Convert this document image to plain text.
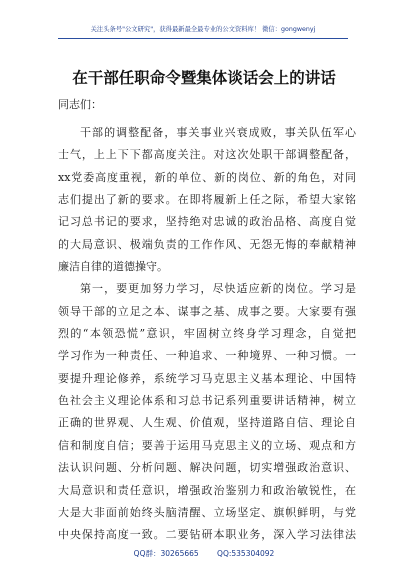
关注头条号"公文研究"，获得最新最全最专业的公文资料库！ 微信：gongwenyj
在干部任职命令暨集体谈话会上的讲话
同志们：
干部的调整配备，事关事业兴衰成败，事关队伍军心
士气，上上下下都高度关注。对这次处职干部调整配备，
xx党委高度重视，新的单位、新的岗位、新的角色，对同
志们提出了新的要求。在即将履新上任之际，希望大家铭
记习总书记的要求，坚持绝对忠诚的政治品格、高度自觉
的大局意识、极端负责的工作作风、无怨无悔的奉献精神
廉洁自律的道德操守。
第一，要更加努力学习，尽快适应新的岗位。学习是
领导干部的立足之本、谋事之基、成事之要。大家要有强
烈的“本领恐慌”意识，牢固树立终身学习理念，自觉把
学习作为一种责任、一种追求、一种境界、一种习惯。一
要提升理论修养，系统学习马克思主义基本理论、中国特
色社会主义理论体系和习总书记系列重要讲话精神，树立
正确的世界观、人生观、价值观，坚持道路自信、理论自
信和制度自信；要善于运用马克思主义的立场、观点和方
法认识问题、分析问题、解决问题，切实增强政治意识、
大局意识和责任意识，增强政治鉴别力和政治敏锐性，在
大是大非面前始终头脑清醒、立场坚定、旗帜鲜明，与党
中央保持高度一致。二要钻研本职业务，深入学习法律法
QQ群：30265665 QQ:535304092
